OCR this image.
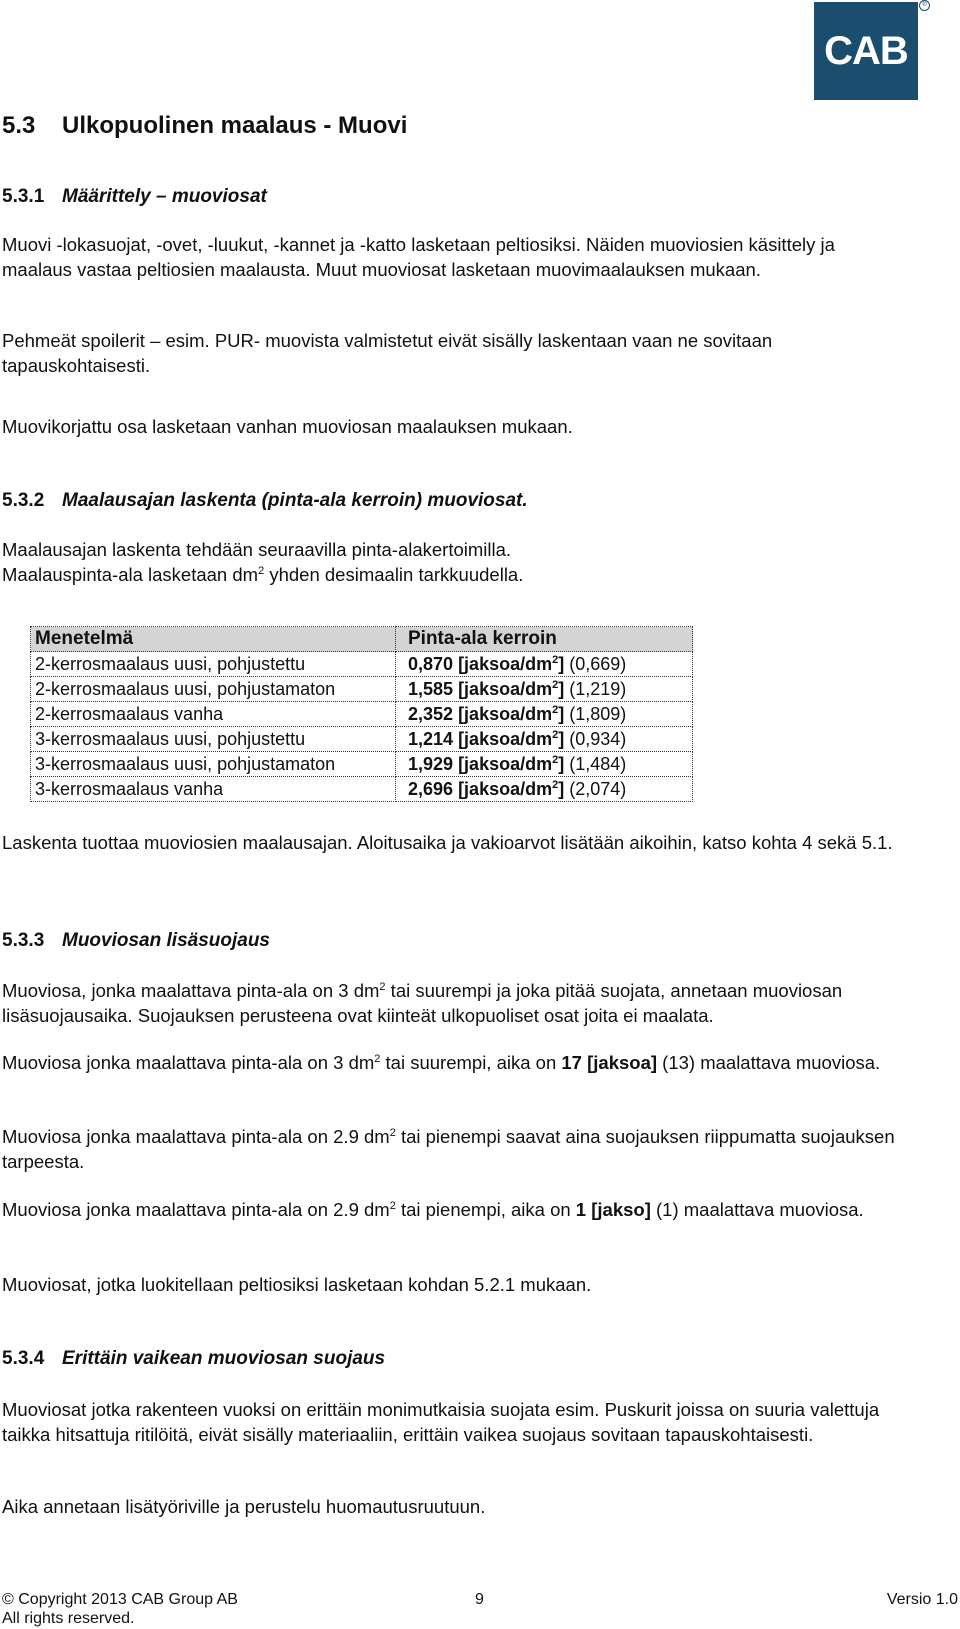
CAB
®
5.3 Ulkopuolinen maalaus - Muovi
5.3.1 Määrittely – muoviosat
Muovi -lokasuojat, -ovet, -luukut, -kannet ja -katto lasketaan peltiosiksi. Näiden muoviosien käsittely ja maalaus vastaa peltiosien maalausta. Muut muoviosat lasketaan muovimaalauksen mukaan.
Pehmeät spoilerit – esim. PUR- muovista valmistetut eivät sisälly laskentaan vaan ne sovitaan tapauskohtaisesti.
Muovikorjattu osa lasketaan vanhan muoviosan maalauksen mukaan.
5.3.2 Maalausajan laskenta (pinta-ala kerroin) muoviosat.
Maalausajan laskenta tehdään seuraavilla pinta-alakertoimilla.
Maalauspinta-ala lasketaan $dm^2$ yhden desimaalin tarkkuudella.
Menetelmä	Pinta-ala kerroin
2-kerrosmaalaus uusi, pohjustettu	0,870 $[jaksoa/dm^2]$ (0,669)
2-kerrosmaalaus uusi, pohjustamaton	1,585 $[jaksoa/dm^2]$ (1,219)
2-kerrosmaalaus vanha	2,352 $[jaksoa/dm^2]$ (1,809)
3-kerrosmaalaus uusi, pohjustettu	1,214 $[jaksoa/dm^2]$ (0,934)
3-kerrosmaalaus uusi, pohjustamaton	1,929 $[jaksoa/dm^2]$ (1,484)
3-kerrosmaalaus vanha	2,696 $[jaksoa/dm^2]$ (2,074)
Laskenta tuottaa muoviosien maalausajan. Aloitusaika ja vakioarvot lisätään aikoihin, katso kohta 4 sekä 5.1.
5.3.3 Muoviosan lisäsuojaus
Muoviosa, jonka maalattava pinta-ala on 3 $dm^2$ tai suurempi ja joka pitää suojata, annetaan muoviosan lisäsuojausaika. Suojauksen perusteena ovat kiinteät ulkopuoliset osat joita ei maalata.
Muoviosa jonka maalattava pinta-ala on 3 $dm^2$ tai suurempi, aika on 17 [jaksoa] (13) maalattava muoviosa.
Muoviosa jonka maalattava pinta-ala on 2.9 $dm^2$ tai pienempi saavat aina suojauksen riippumatta suojauksen tarpeesta.
Muoviosa jonka maalattava pinta-ala on 2.9 $dm^2$ tai pienempi, aika on 1 [jakso] (1) maalattava muoviosa.
Muoviosat, jotka luokitellaan peltiosiksi lasketaan kohdan 5.2.1 mukaan.
5.3.4 Erittäin vaikean muoviosan suojaus
Muoviosat jotka rakenteen vuoksi on erittäin monimutkaisia suojata esim. Puskurit joissa on suuria valettuja taikka hitsattuja ritilöitä, eivät sisälly materiaaliin, erittäin vaikea suojaus sovitaan tapauskohtaisesti.
Aika annetaan lisätyöriville ja perustelu huomautusruutuun.
© Copyright 2013 CAB Group AB
All rights reserved.
9	Versio 1.0
